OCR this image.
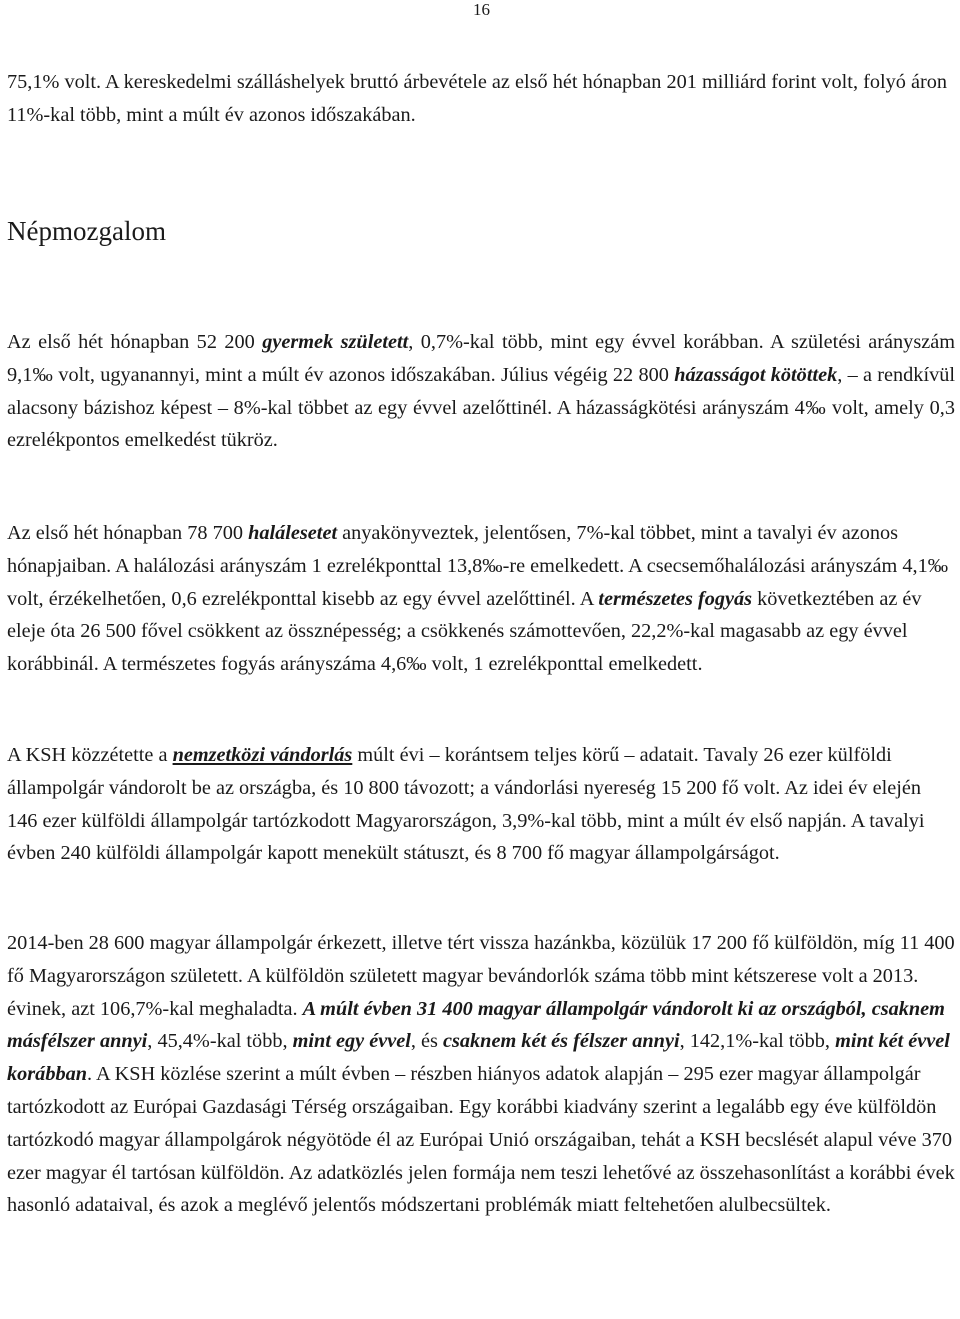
16

75,1% volt. A kereskedelmi szálláshelyek bruttó árbevétele az első hét hónapban 201 milliárd forint volt, folyó áron 11%-kal több, mint a múlt év azonos időszakában.

Népmozgalom

Az első hét hónapban 52 200 gyermek született, 0,7%-kal több, mint egy évvel korábban. A születési arányszám 9,1‰ volt, ugyanannyi, mint a múlt év azonos időszakában. Július végéig 22 800 házasságot kötöttek, – a rendkívül alacsony bázishoz képest – 8%-kal többet az egy évvel azelőttinél. A házasságkötési arányszám 4‰ volt, amely 0,3 ezrelékpontos emelkedést tükröz.

Az első hét hónapban 78 700 halálesetet anyakönyveztek, jelentősen, 7%-kal többet, mint a tavalyi év azonos hónapjaiban. A halálozási arányszám 1 ezrelékponttal 13,8‰-re emelkedett. A csecsemőhalálozási arányszám 4,1‰ volt, érzékelhetően, 0,6 ezrelékponttal kisebb az egy évvel azelőttinél. A természetes fogyás következtében az év eleje óta 26 500 fővel csökkent az össznépesség; a csökkenés számottevően, 22,2%-kal magasabb az egy évvel korábbinál. A természetes fogyás arányszáma 4,6‰ volt, 1 ezrelékponttal emelkedett.

A KSH közzétette a nemzetközi vándorlás múlt évi – korántsem teljes körű – adatait. Tavaly 26 ezer külföldi állampolgár vándorolt be az országba, és 10 800 távozott; a vándorlási nyereség 15 200 fő volt. Az idei év elején 146 ezer külföldi állampolgár tartózkodott Magyarországon, 3,9%-kal több, mint a múlt év első napján. A tavalyi évben 240 külföldi állampolgár kapott menekült státuszt, és 8 700 fő magyar állampolgárságot.

2014-ben 28 600 magyar állampolgár érkezett, illetve tért vissza hazánkba, közülük 17 200 fő külföldön, míg 11 400 fő Magyarországon született. A külföldön született magyar bevándorlók száma több mint kétszerese volt a 2013. évinek, azt 106,7%-kal meghaladta. A múlt évben 31 400 magyar állampolgár vándorolt ki az országból, csaknem másfélszer annyi, 45,4%-kal több, mint egy évvel, és csaknem két és félszer annyi, 142,1%-kal több, mint két évvel korábban. A KSH közlése szerint a múlt évben – részben hiányos adatok alapján – 295 ezer magyar állampolgár tartózkodott az Európai Gazdasági Térség országaiban. Egy korábbi kiadvány szerint a legalább egy éve külföldön tartózkodó magyar állampolgárok négyötöde él az Európai Unió országaiban, tehát a KSH becslését alapul véve 370 ezer magyar él tartósan külföldön. Az adatközlés jelen formája nem teszi lehetővé az összehasonlítást a korábbi évek hasonló adataival, és azok a meglévő jelentős módszertani problémák miatt feltehetően alulbecsültek.
